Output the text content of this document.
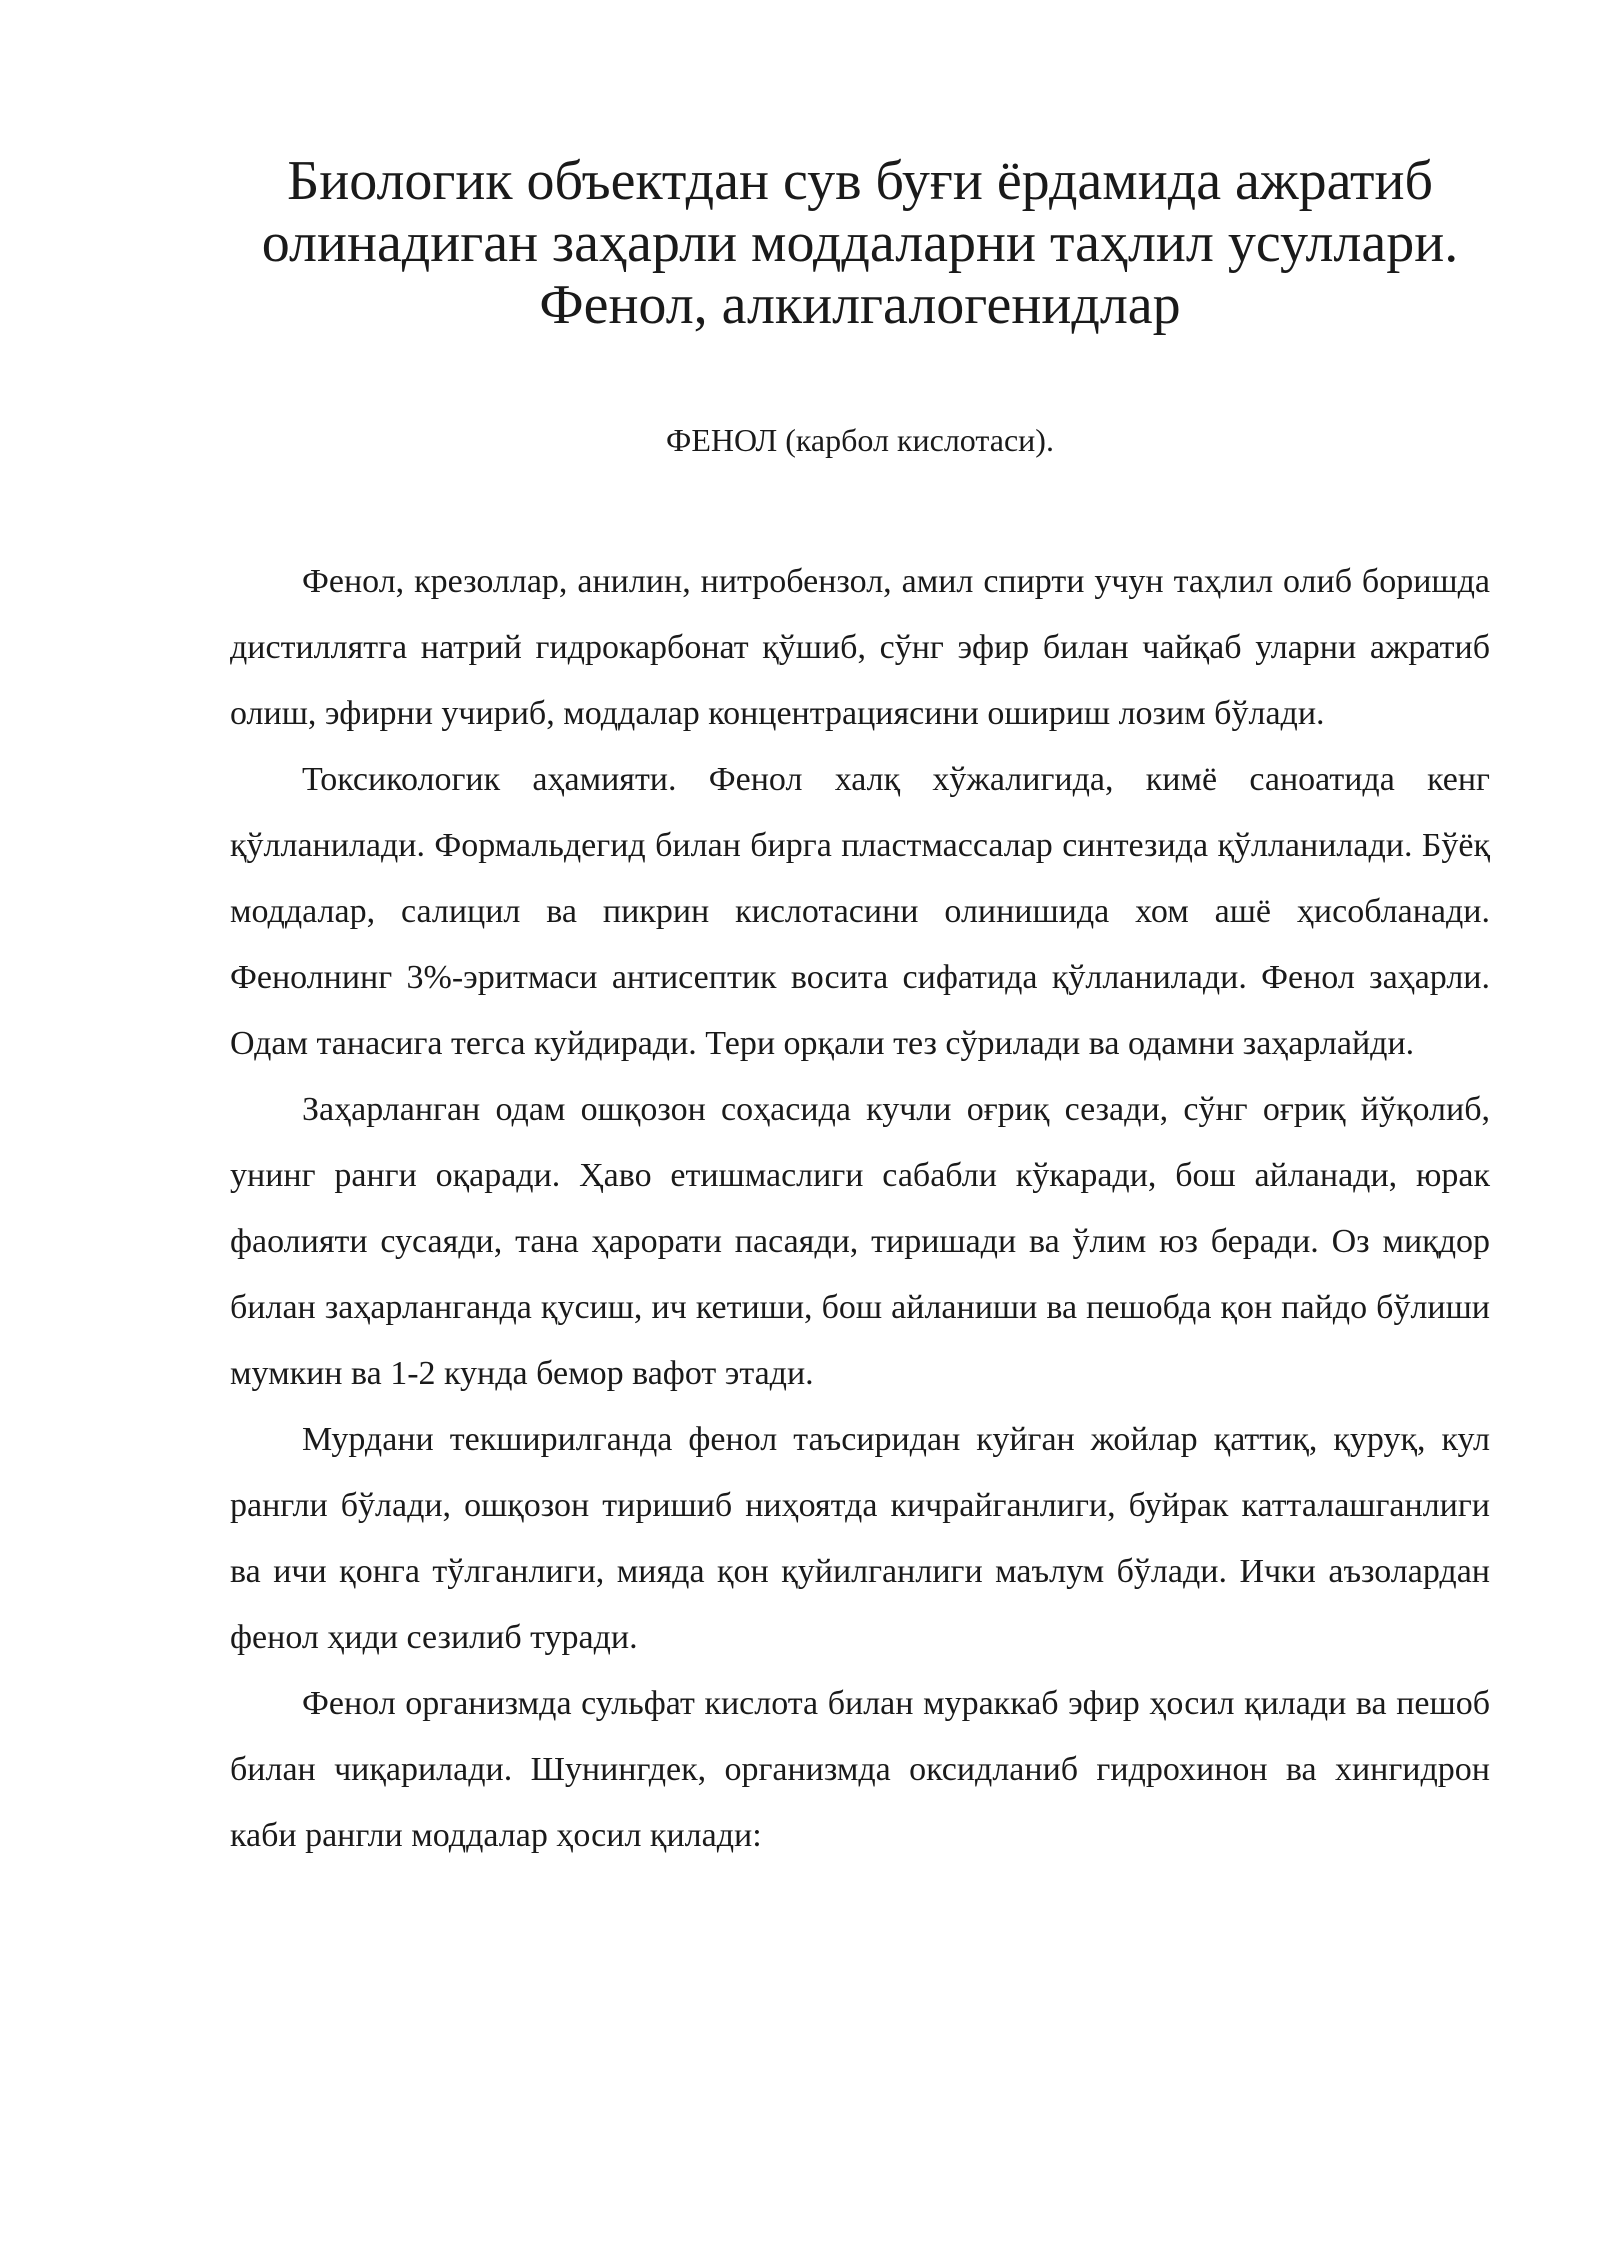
Биологик объектдан сув буғи ёрдамида ажратиб олинадиган заҳарли моддаларни таҳлил усуллари. Фенол, алкилгалогенидлар
ФЕНОЛ (карбол кислотаси).

Фенол, крезоллар, анилин, нитробензол, амил спирти учун таҳлил олиб боришда дистиллятга натрий гидрокарбонат қўшиб, сўнг эфир билан чайқаб уларни ажратиб олиш, эфирни учириб, моддалар концентрациясини ошириш лозим бўлади.

Токсикологик аҳамияти. Фенол халқ хўжалигида, кимё саноатида кенг қўлланилади. Формальдегид билан бирга пластмассалар синтезида қўлланилади. Бўёқ моддалар, салицил ва пикрин кислотасини олинишида хом ашё ҳисобланади. Фенолнинг 3%-эритмаси антисептик восита сифатида қўлланилади. Фенол заҳарли. Одам танасига тегса куйдиради. Тери орқали тез сўрилади ва одамни заҳарлайди.

Заҳарланган одам ошқозон соҳасида кучли оғриқ сезади, сўнг оғриқ йўқолиб, унинг ранги оқаради. Ҳаво етишмаслиги сабабли кўкаради, бош айланади, юрак фаолияти сусаяди, тана ҳарорати пасаяди, тиришади ва ўлим юз беради. Оз миқдор билан заҳарланганда қусиш, ич кетиши, бош айланиши ва пешобда қон пайдо бўлиши мумкин ва 1-2 кунда бемор вафот этади.

Мурдани текширилганда фенол таъсиридан куйган жойлар қаттиқ, қуруқ, кул рангли бўлади, ошқозон тиришиб ниҳоятда кичрайганлиги, буйрак катталашганлиги ва ичи қонга тўлганлиги, мияда қон қуйилганлиги маълум бўлади. Ички аъзолардан фенол ҳиди сезилиб туради.

Фенол организмда сульфат кислота билан мураккаб эфир ҳосил қилади ва пешоб билан чиқарилади. Шунингдек, организмда оксидланиб гидрохинон ва хингидрон каби рангли моддалар ҳосил қилади:
